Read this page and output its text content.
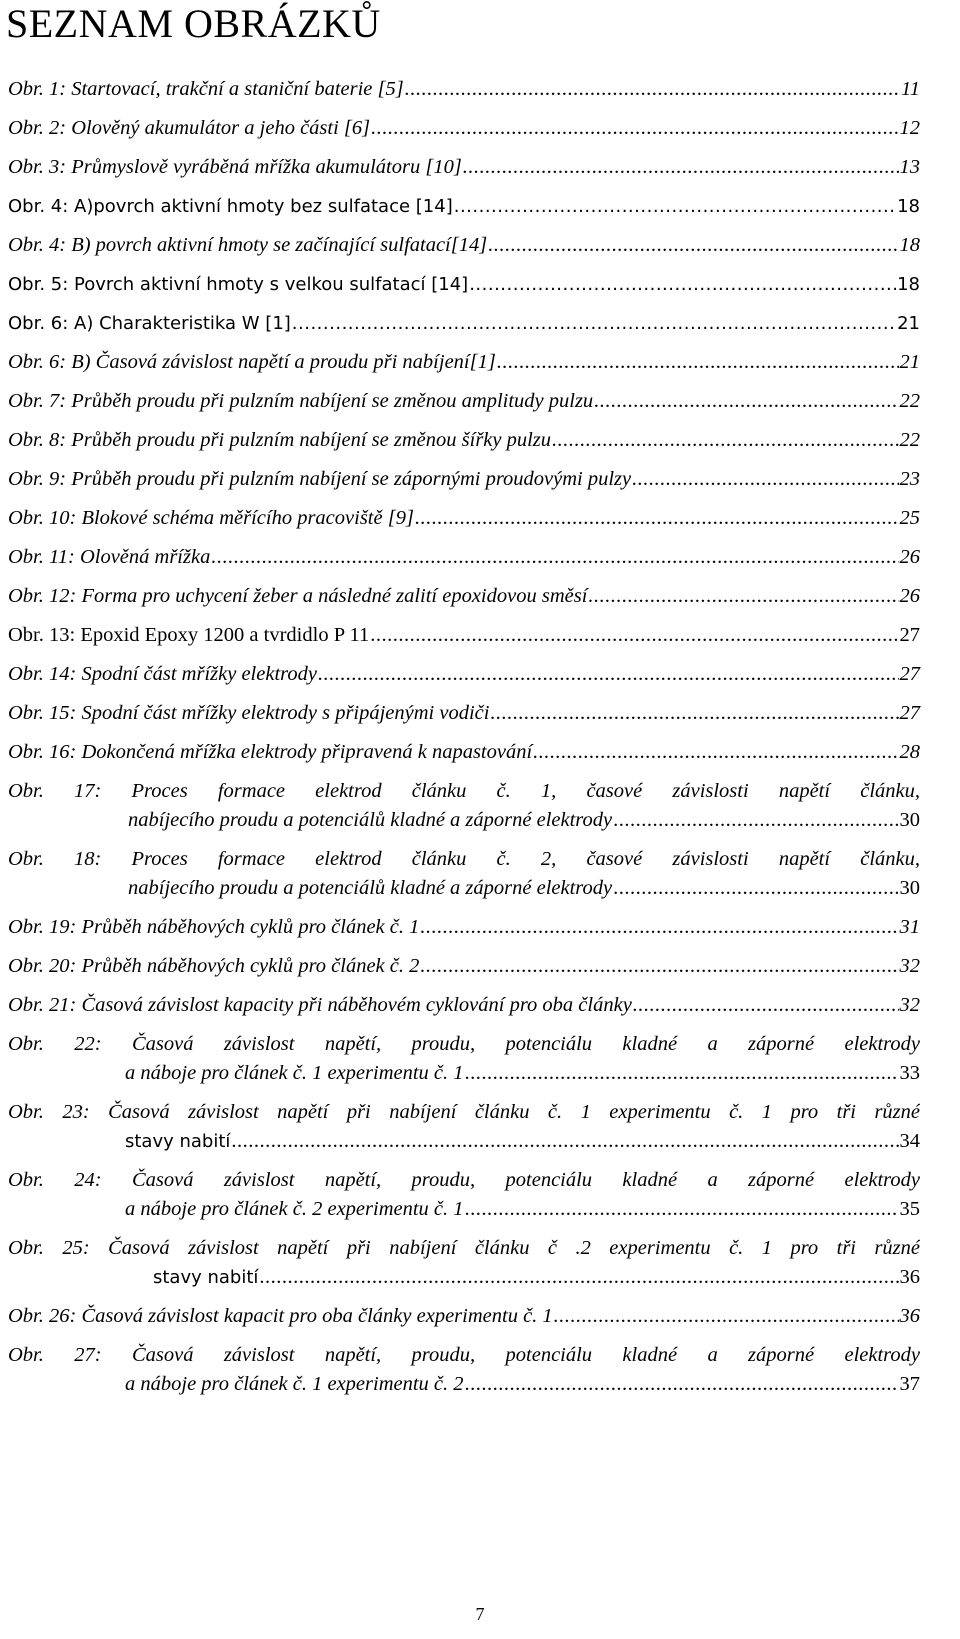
SEZNAM OBRÁZKŮ
Obr. 1: Startovací, trakční a staniční baterie [5] .....	11
Obr. 2: Olověný akumulátor a jeho části [6] .....	12
Obr. 3: Průmyslově vyráběná mřížka akumulátoru [10] .....	13
Obr. 4: A)povrch aktivní hmoty bez sulfatace [14] .....	18
Obr. 4: B) povrch aktivní hmoty se začínající sulfatací[14] .....	18
Obr. 5: Povrch aktivní hmoty s velkou sulfatací [14] .....	18
Obr. 6: A) Charakteristika W [1] .....	21
Obr. 6: B) Časová závislost napětí a proudu při nabíjení[1] .....	21
Obr. 7: Průběh proudu při pulzním nabíjení se změnou amplitudy pulzu .....	22
Obr. 8: Průběh proudu při pulzním nabíjení se změnou šířky pulzu .....	22
Obr. 9: Průběh proudu při pulzním nabíjení se zápornými proudovými pulzy .....	23
Obr. 10: Blokové schéma měřícího pracoviště [9] .....	25
Obr. 11: Olověná mřížka .....	26
Obr. 12: Forma pro uchycení žeber a následné zalití epoxidovou směsí .....	26
Obr. 13: Epoxid Epoxy 1200 a tvrdidlo P 11 .....	27
Obr. 14: Spodní část mřížky elektrody .....	27
Obr. 15: Spodní část mřížky elektrody s připájenými vodiči .....	27
Obr. 16: Dokončená mřížka elektrody připravená k napastování .....	28
Obr. 17: Proces formace elektrod článku č. 1, časové závislosti napětí článku,
nabíjecího proudu a potenciálů kladné a záporné elektrody .....	30
Obr. 18: Proces formace elektrod článku č. 2, časové závislosti napětí článku,
nabíjecího proudu a potenciálů kladné a záporné elektrody .....	30
Obr. 19: Průběh náběhových cyklů pro článek č. 1 .....	31
Obr. 20: Průběh náběhových cyklů pro článek č. 2 .....	32
Obr. 21: Časová závislost kapacity při náběhovém cyklování pro oba články .....	32
Obr. 22: Časová závislost napětí, proudu, potenciálu kladné a záporné elektrody
a náboje pro článek č. 1 experimentu č. 1 .....	33
Obr. 23: Časová závislost napětí při nabíjení článku č. 1 experimentu č. 1 pro tři různé
stavy nabití .....	34
Obr. 24: Časová závislost napětí, proudu, potenciálu kladné a záporné elektrody
a náboje pro článek č. 2 experimentu č. 1 .....	35
Obr. 25: Časová závislost napětí při nabíjení článku č .2 experimentu č. 1 pro tři různé
stavy nabití .....	36
Obr. 26: Časová závislost kapacit pro oba články experimentu č. 1 .....	36
Obr. 27: Časová závislost napětí, proudu, potenciálu kladné a záporné elektrody
a náboje pro článek č. 1 experimentu č. 2 .....	37
7
